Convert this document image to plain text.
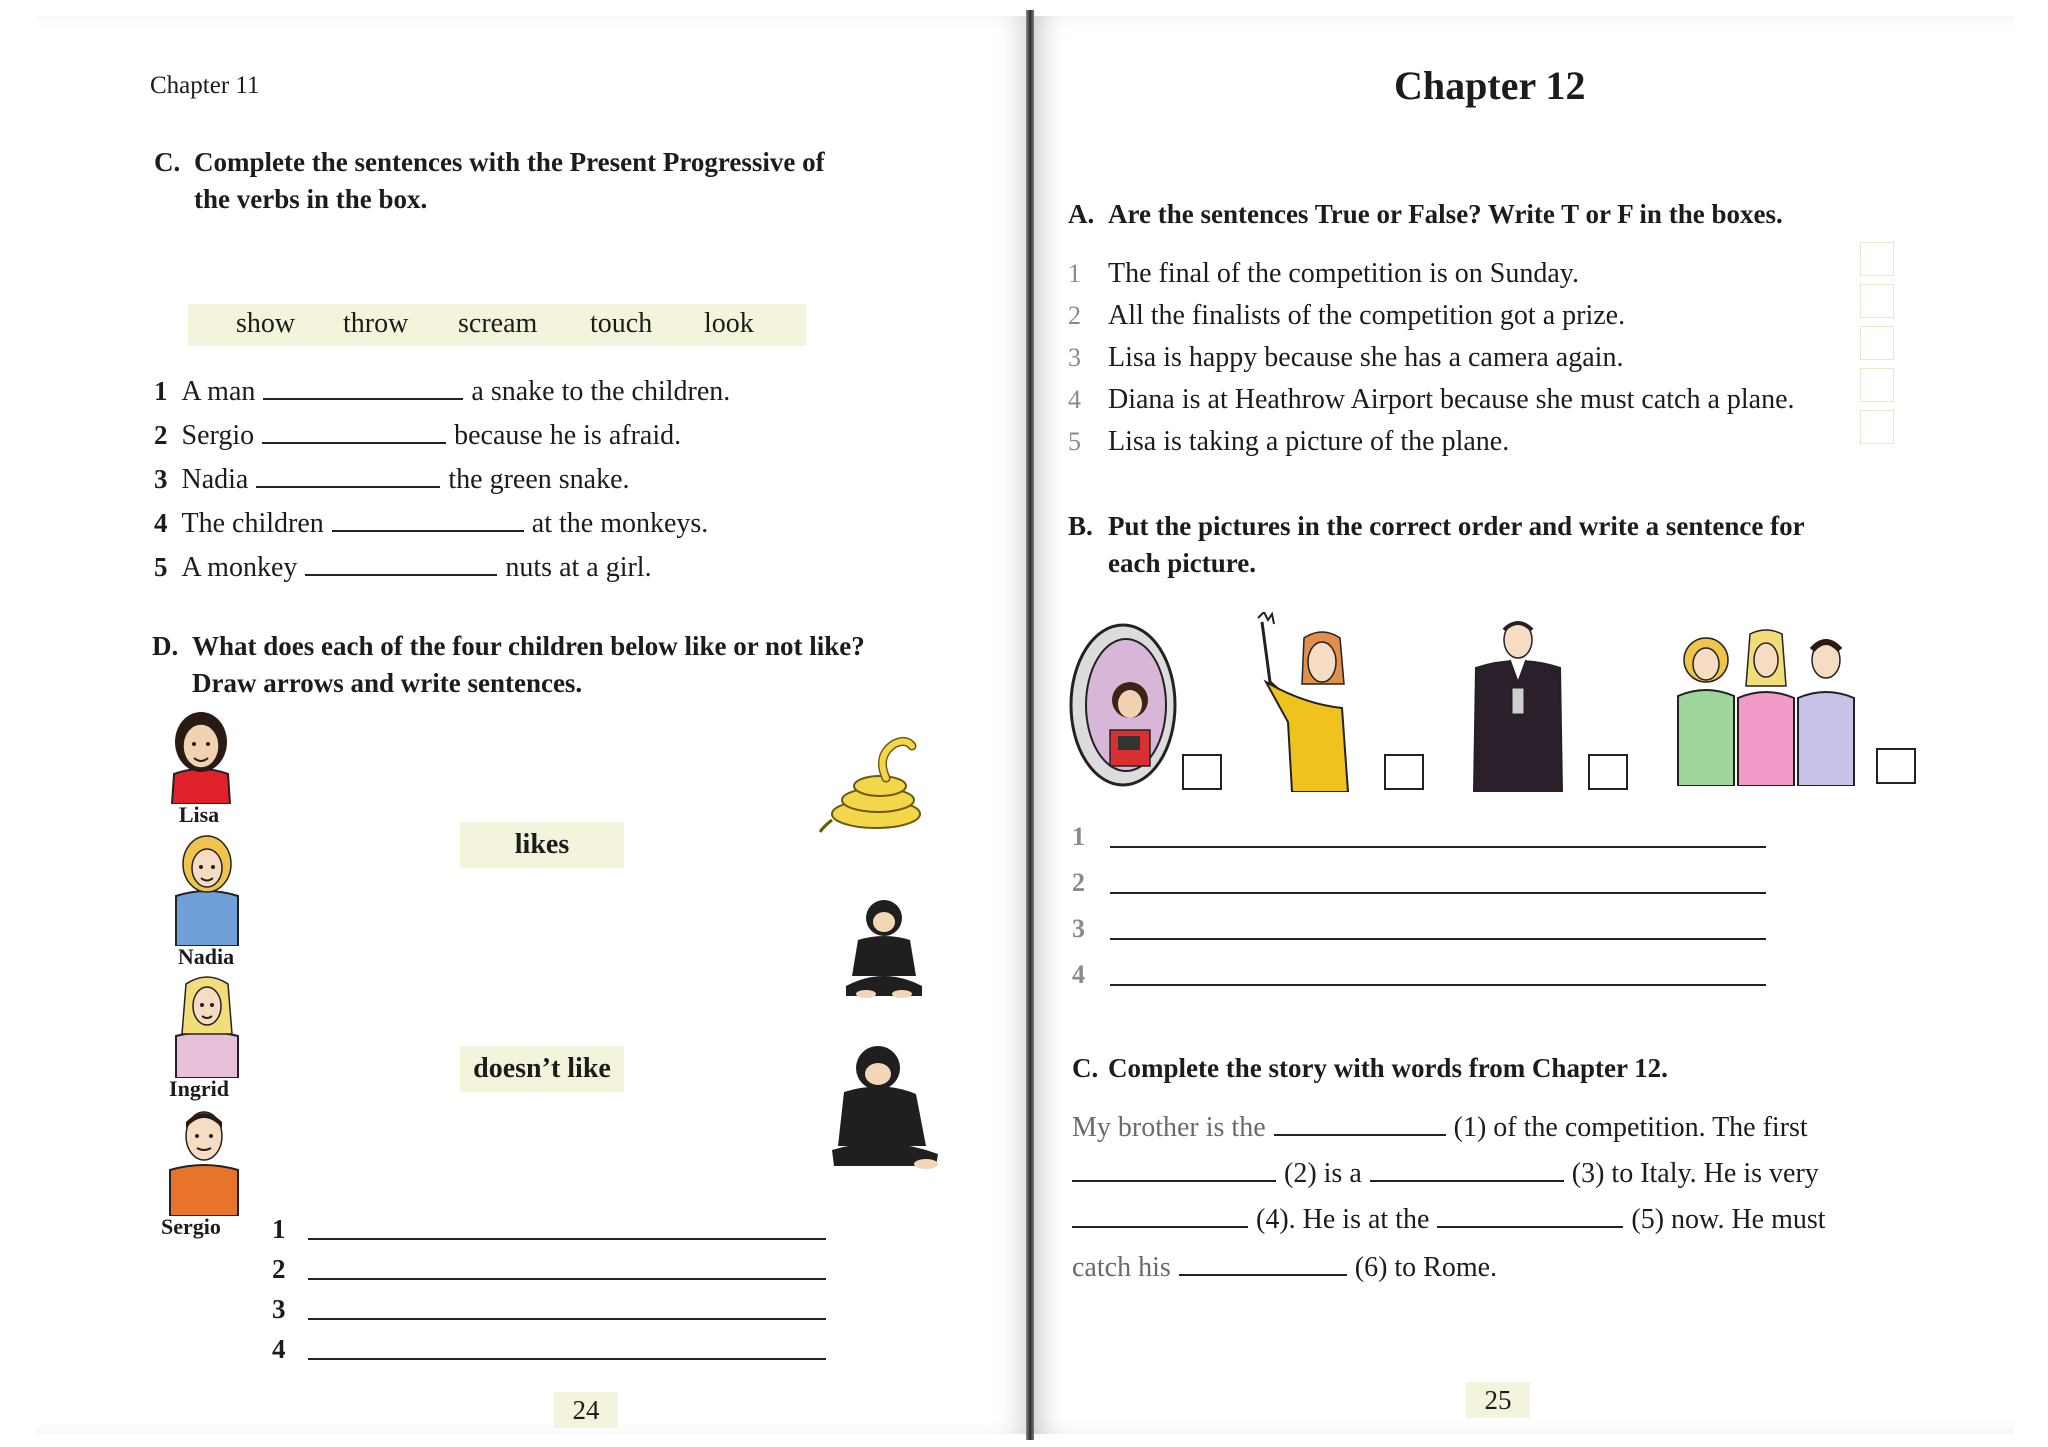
Chapter 11
C. Complete the sentences with the Present Progressive of
the verbs in the box.
show throw scream touch look
1 A man	a snake to the children.
2 Sergio	because he is afraid.
3 Nadia	the green snake.
4 The children	at the monkeys.
5 A monkey	nuts at a girl.
D. What does each of the four children below like or not like?
Draw arrows and write sentences.
Lisa
Nadia
Ingrid
Sergio
likes
doesn’t like
1
2
3
4
24
Chapter 12
A. Are the sentences True or False? Write T or F in the boxes.
1 The final of the competition is on Sunday.
2 All the finalists of the competition got a prize.
3 Lisa is happy because she has a camera again.
4 Diana is at Heathrow Airport because she must catch a plane.
5 Lisa is taking a picture of the plane.
B. Put the pictures in the correct order and write a sentence for
each picture.
1
2
3
4
C. Complete the story with words from Chapter 12.
My brother is the	(1) of the competition. The first
(2) is a	(3) to Italy. He is very
(4). He is at the	(5) now. He must
catch his	(6) to Rome.
25
